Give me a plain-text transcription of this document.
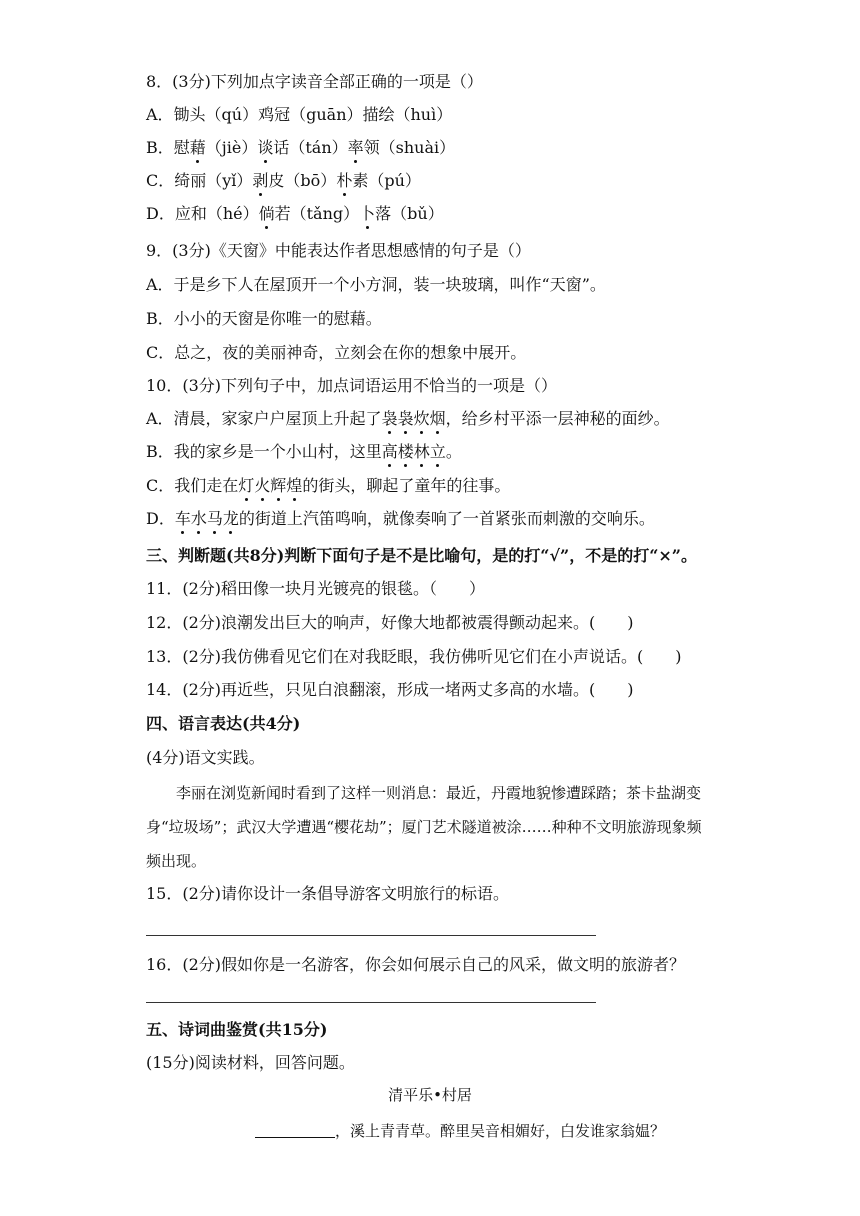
8．(3分)下列加点字读音全部正确的一项是（）
A．锄头（qú）鸡冠（guān）描绘（huì）
B．慰藉（jiè）谈话（tán）率领（shuài）
C．绮丽（yǐ）剥皮（bō）朴素（pú）
D．应和（hé）倘若（tǎng）卜落（bǔ）
9．(3分)《天窗》中能表达作者思想感情的句子是（）
A．于是乡下人在屋顶开一个小方洞，装一块玻璃，叫作“天窗”。
B．小小的天窗是你唯一的慰藉。
C．总之，夜的美丽神奇，立刻会在你的想象中展开。
10．(3分)下列句子中，加点词语运用不恰当的一项是（）
A．清晨，家家户户屋顶上升起了袅袅炊烟，给乡村平添一层神秘的面纱。
B．我的家乡是一个小山村，这里高楼林立。
C．我们走在灯火辉煌的街头，聊起了童年的往事。
D．车水马龙的街道上汽笛鸣响，就像奏响了一首紧张而刺激的交响乐。
三、判断题(共8分)判断下面句子是不是比喻句，是的打“√”，不是的打“×”。
11．(2分)稻田像一块月光镀亮的银毯。（　　）
12．(2分)浪潮发出巨大的响声，好像大地都被震得颤动起来。(　　)
13．(2分)我仿佛看见它们在对我眨眼，我仿佛听见它们在小声说话。(　　)
14．(2分)再近些，只见白浪翻滚，形成一堵两丈多高的水墙。(　　)
四、语言表达(共4分)
(4分)语文实践。
李丽在浏览新闻时看到了这样一则消息：最近，丹霞地貌惨遭踩踏；茶卡盐湖变身“垃圾场”；武汉大学遭遇“樱花劫”；厦门艺术隧道被涂……种种不文明旅游现象频频出现。
15．(2分)请你设计一条倡导游客文明旅行的标语。
16．(2分)假如你是一名游客，你会如何展示自己的风采，做文明的旅游者？
五、诗词曲鉴赏(共15分)
(15分)阅读材料，回答问题。
清平乐•村居
，溪上青青草。醉里吴音相媚好，白发谁家翁媪？
